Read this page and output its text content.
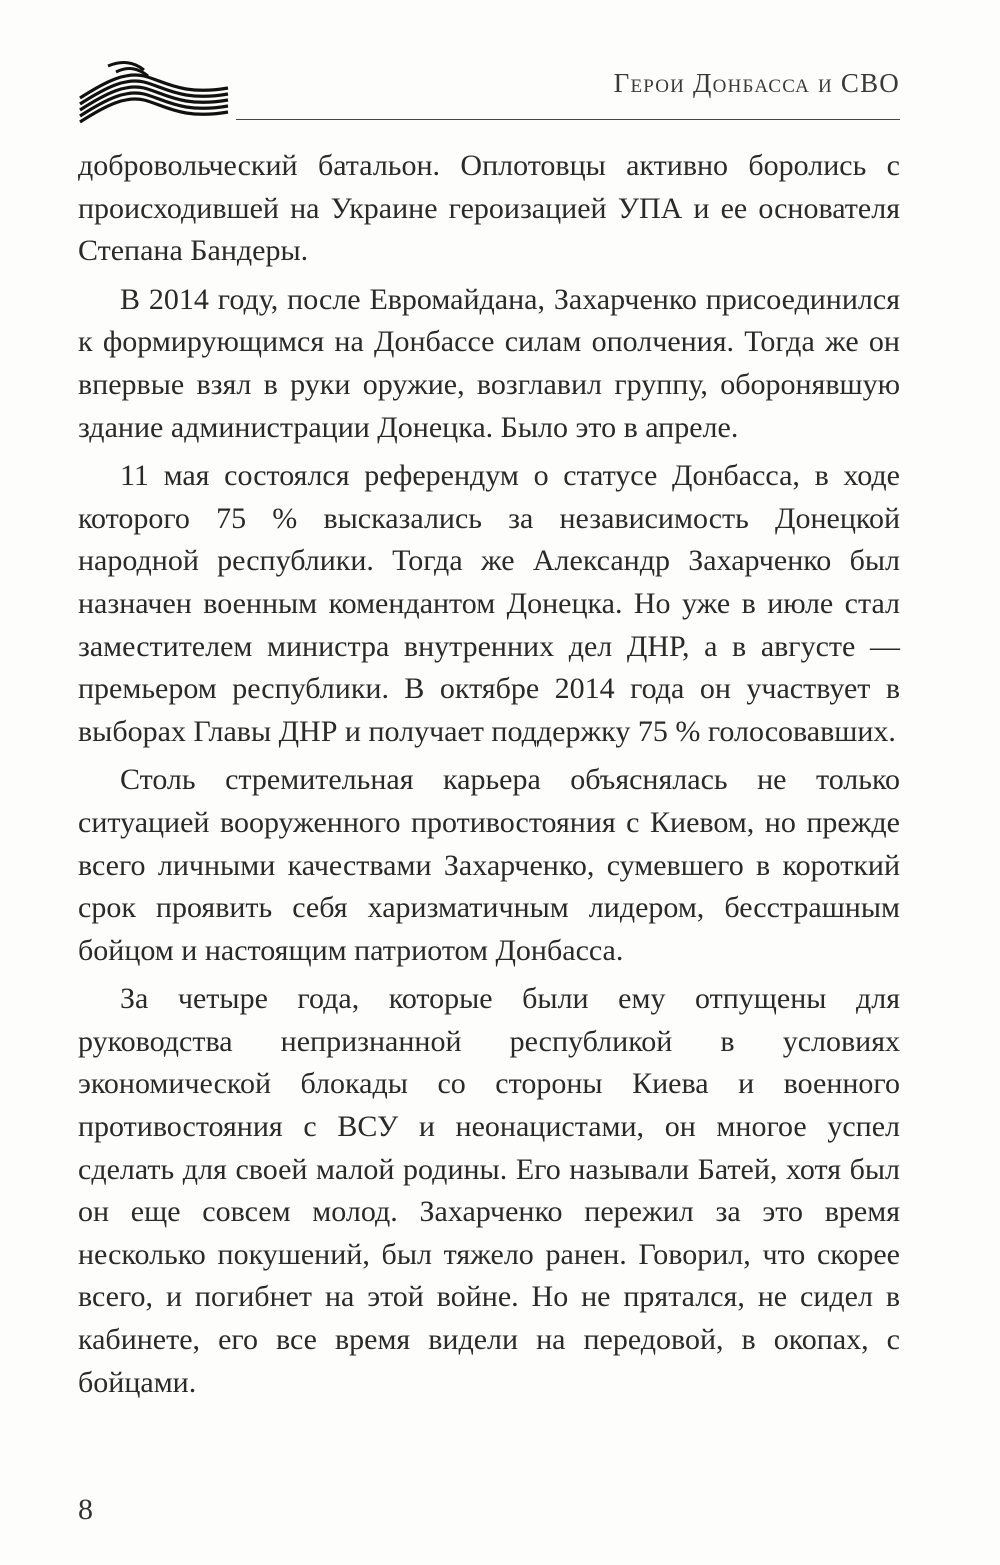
Герои Донбасса и СВО

добровольческий батальон. Оплотовцы активно боролись с происходившей на Украине героизацией УПА и ее основателя Степана Бандеры.

В 2014 году, после Евромайдана, Захарченко присоединился к формирующимся на Донбассе силам ополчения. Тогда же он впервые взял в руки оружие, возглавил группу, оборонявшую здание администрации Донецка. Было это в апреле.

11 мая состоялся референдум о статусе Донбасса, в ходе которого 75 % высказались за независимость Донецкой народной республики. Тогда же Александр Захарченко был назначен военным комендантом Донецка. Но уже в июле стал заместителем министра внутренних дел ДНР, а в августе — премьером республики. В октябре 2014 года он участвует в выборах Главы ДНР и получает поддержку 75 % голосовавших.

Столь стремительная карьера объяснялась не только ситуацией вооруженного противостояния с Киевом, но прежде всего личными качествами Захарченко, сумевшего в короткий срок проявить себя харизматичным лидером, бесстрашным бойцом и настоящим патриотом Донбасса.

За четыре года, которые были ему отпущены для руководства непризнанной республикой в условиях экономической блокады со стороны Киева и военного противостояния с ВСУ и неонацистами, он многое успел сделать для своей малой родины. Его называли Батей, хотя был он еще совсем молод. Захарченко пережил за это время несколько покушений, был тяжело ранен. Говорил, что скорее всего, и погибнет на этой войне. Но не прятался, не сидел в кабинете, его все время видели на передовой, в окопах, с бойцами.

8
